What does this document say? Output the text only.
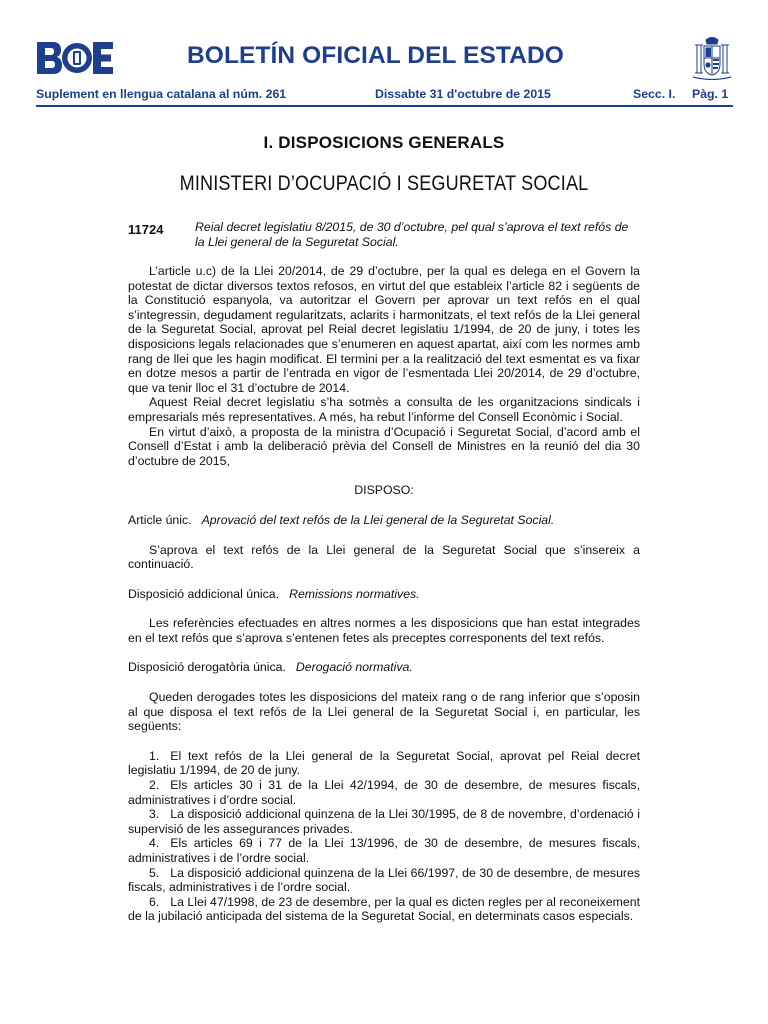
BOLETÍN OFICIAL DEL ESTADO
Suplement en llengua catalana al núm. 261	Dissabte 31 d'octubre de 2015	Secc. I. Pàg. 1
I. DISPOSICIONS GENERALS
MINISTERI D’OCUPACIÓ I SEGURETAT SOCIAL
11724	Reial decret legislatiu 8/2015, de 30 d’octubre, pel qual s’aprova el text refós de la Llei general de la Seguretat Social.

L’article u.c) de la Llei 20/2014, de 29 d’octubre, per la qual es delega en el Govern la potestat de dictar diversos textos refosos, en virtut del que estableix l’article 82 i següents de la Constitució espanyola, va autoritzar el Govern per aprovar un text refós en el qual s’integressin, degudament regularitzats, aclarits i harmonitzats, el text refós de la Llei general de la Seguretat Social, aprovat pel Reial decret legislatiu 1/1994, de 20 de juny, i totes les disposicions legals relacionades que s’enumeren en aquest apartat, així com les normes amb rang de llei que les hagin modificat. El termini per a la realització del text esmentat es va fixar en dotze mesos a partir de l’entrada en vigor de l’esmentada Llei 20/2014, de 29 d’octubre, que va tenir lloc el 31 d’octubre de 2014.

Aquest Reial decret legislatiu s’ha sotmès a consulta de les organitzacions sindicals i empresarials més representatives. A més, ha rebut l’informe del Consell Econòmic i Social.

En virtut d’això, a proposta de la ministra d’Ocupació i Seguretat Social, d’acord amb el Consell d’Estat i amb la deliberació prèvia del Consell de Ministres en la reunió del dia 30 d’octubre de 2015,

DISPOSO:

Article únic. Aprovació del text refós de la Llei general de la Seguretat Social.

S’aprova el text refós de la Llei general de la Seguretat Social que s’insereix a continuació.

Disposició addicional única. Remissions normatives.

Les referències efectuades en altres normes a les disposicions que han estat integrades en el text refós que s’aprova s’entenen fetes als preceptes corresponents del text refós.

Disposició derogatòria única. Derogació normativa.

Queden derogades totes les disposicions del mateix rang o de rang inferior que s’oposin al que disposa el text refós de la Llei general de la Seguretat Social i, en particular, les següents:

1. El text refós de la Llei general de la Seguretat Social, aprovat pel Reial decret legislatiu 1/1994, de 20 de juny.

2. Els articles 30 i 31 de la Llei 42/1994, de 30 de desembre, de mesures fiscals, administratives i d’ordre social.

3. La disposició addicional quinzena de la Llei 30/1995, de 8 de novembre, d’ordenació i supervisió de les assegurances privades.

4. Els articles 69 i 77 de la Llei 13/1996, de 30 de desembre, de mesures fiscals, administratives i de l’ordre social.

5. La disposició addicional quinzena de la Llei 66/1997, de 30 de desembre, de mesures fiscals, administratives i de l’ordre social.

6. La Llei 47/1998, de 23 de desembre, per la qual es dicten regles per al reconeixement de la jubilació anticipada del sistema de la Seguretat Social, en determinats casos especials.
